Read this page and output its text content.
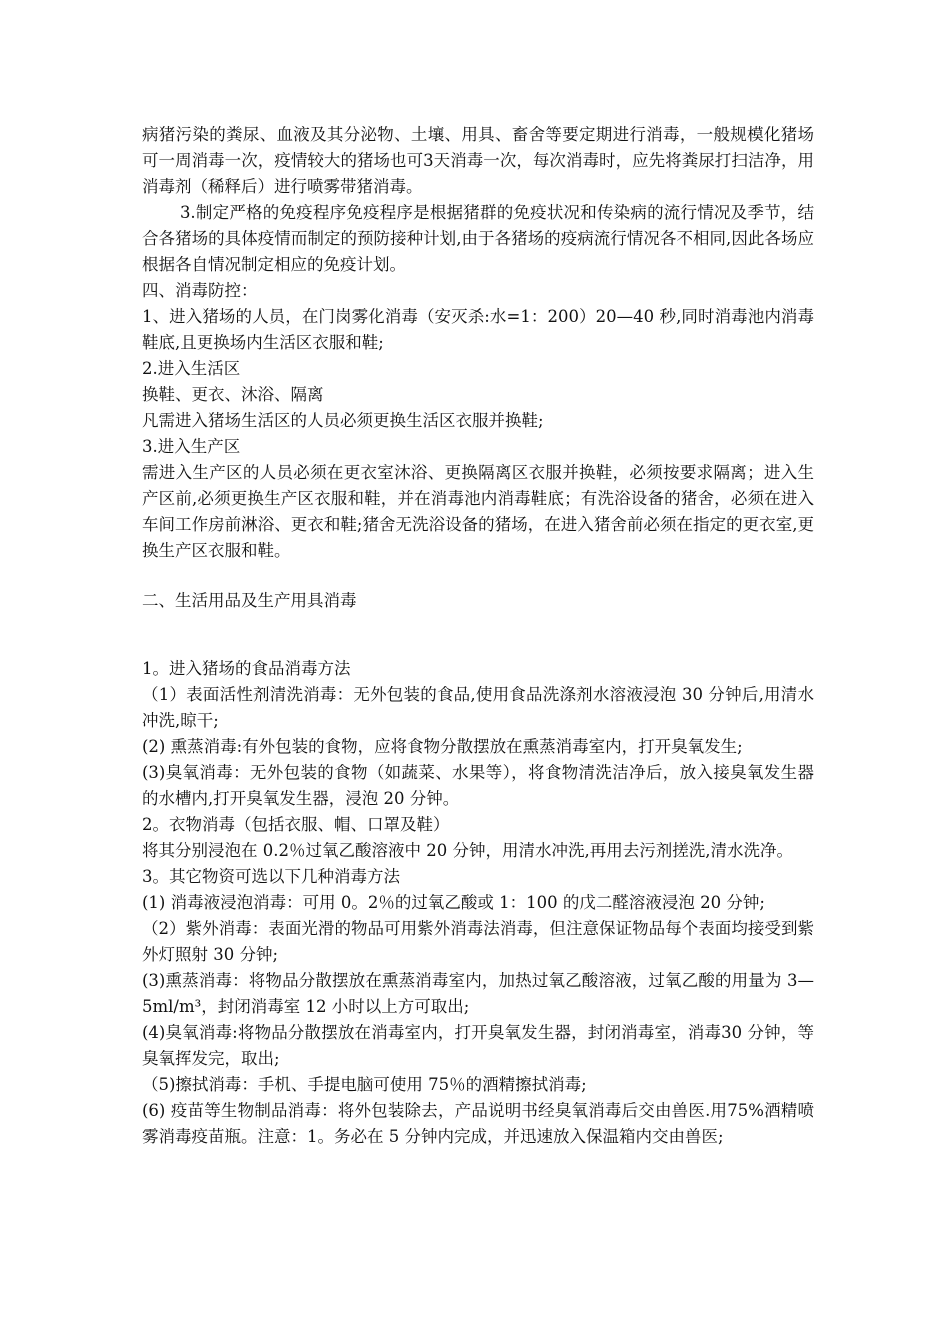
病猪污染的粪尿、血液及其分泌物、土壤、用具、畜舍等要定期进行消毒，一般规模化猪场可一周消毒一次，疫情较大的猪场也可3天消毒一次，每次消毒时，应先将粪尿打扫洁净，用消毒剂（稀释后）进行喷雾带猪消毒。

3.制定严格的免疫程序免疫程序是根据猪群的免疫状况和传染病的流行情况及季节，结合各猪场的具体疫情而制定的预防接种计划,由于各猪场的疫病流行情况各不相同,因此各场应根据各自情况制定相应的免疫计划。

四、消毒防控：

1、进入猪场的人员，在门岗雾化消毒（安灭杀:水=1：200）20—40 秒,同时消毒池内消毒鞋底,且更换场内生活区衣服和鞋;

2.进入生活区

换鞋、更衣、沐浴、隔离

凡需进入猪场生活区的人员必须更换生活区衣服并换鞋;

3.进入生产区

需进入生产区的人员必须在更衣室沐浴、更换隔离区衣服并换鞋，必须按要求隔离；进入生产区前,必须更换生产区衣服和鞋，并在消毒池内消毒鞋底；有洗浴设备的猪舍，必须在进入车间工作房前淋浴、更衣和鞋;猪舍无洗浴设备的猪场，在进入猪舍前必须在指定的更衣室,更换生产区衣服和鞋。

二、生活用品及生产用具消毒

1。进入猪场的食品消毒方法

（1）表面活性剂清洗消毒：无外包装的食品,使用食品洗涤剂水溶液浸泡 30 分钟后,用清水冲洗,晾干;

(2) 熏蒸消毒:有外包装的食物，应将食物分散摆放在熏蒸消毒室内，打开臭氧发生;

(3)臭氧消毒：无外包装的食物（如蔬菜、水果等），将食物清洗洁净后，放入接臭氧发生器的水槽内,打开臭氧发生器，浸泡 20 分钟。

2。衣物消毒（包括衣服、帽、口罩及鞋）

将其分别浸泡在 0.2％过氧乙酸溶液中 20 分钟，用清水冲洗,再用去污剂搓洗,清水洗净。

3。其它物资可选以下几种消毒方法

(1) 消毒液浸泡消毒：可用 0。2％的过氧乙酸或 1：100 的戊二醛溶液浸泡 20 分钟;

（2）紫外消毒：表面光滑的物品可用紫外消毒法消毒，但注意保证物品每个表面均接受到紫外灯照射 30 分钟;

(3)熏蒸消毒：将物品分散摆放在熏蒸消毒室内，加热过氧乙酸溶液，过氧乙酸的用量为 3—5ml/m³，封闭消毒室 12 小时以上方可取出;

(4)臭氧消毒:将物品分散摆放在消毒室内，打开臭氧发生器，封闭消毒室，消毒30 分钟，等臭氧挥发完，取出;

（5)擦拭消毒：手机、手提电脑可使用 75％的酒精擦拭消毒;

(6) 疫苗等生物制品消毒：将外包装除去，产品说明书经臭氧消毒后交由兽医.用75%酒精喷雾消毒疫苗瓶。注意：1。务必在 5 分钟内完成，并迅速放入保温箱内交由兽医;
